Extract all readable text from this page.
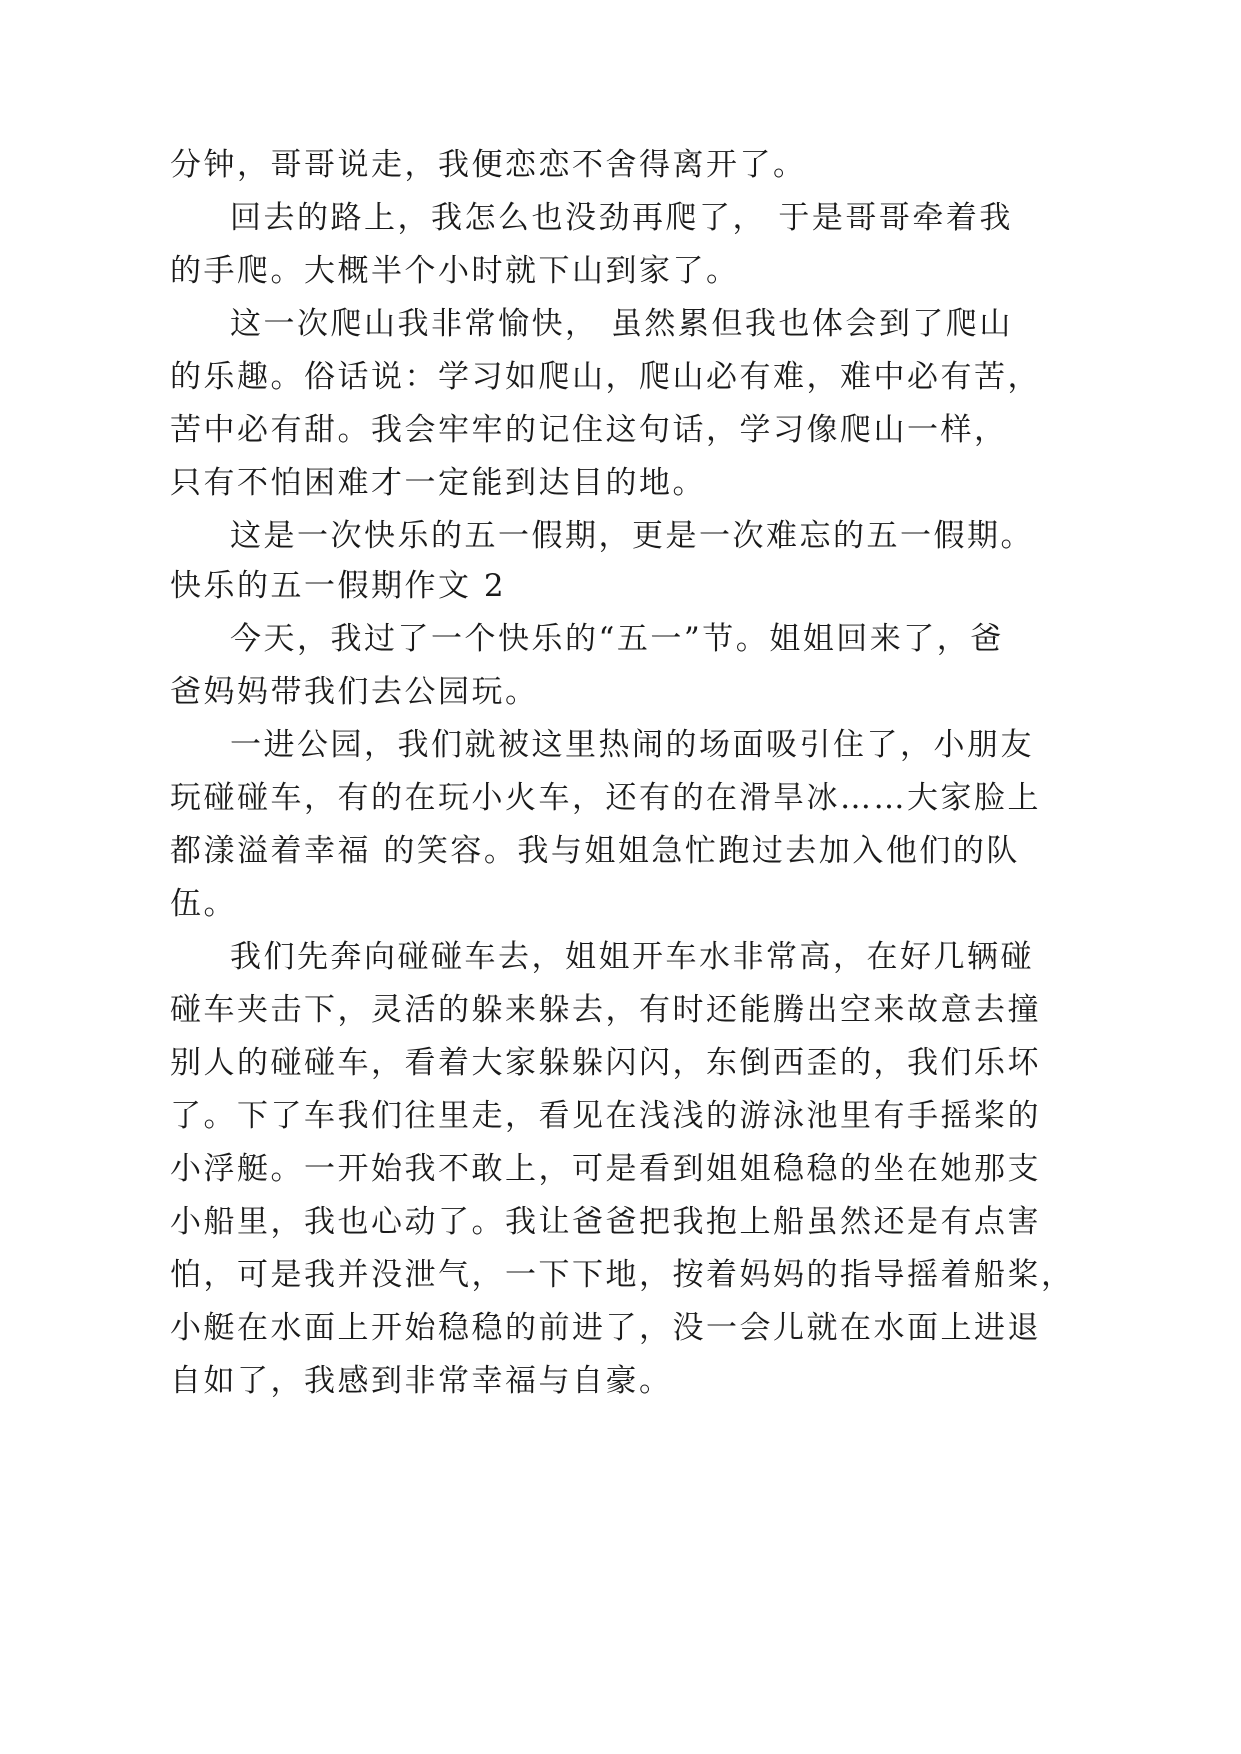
分钟，哥哥说走，我便恋恋不舍得离开了。

回去的路上，我怎么也没劲再爬了， 于是哥哥牵着我

的手爬。大概半个小时就下山到家了。

这一次爬山我非常愉快， 虽然累但我也体会到了爬山

的乐趣。俗话说：学习如爬山，爬山必有难，难中必有苦，

苦中必有甜。我会牢牢的记住这句话，学习像爬山一样，

只有不怕困难才一定能到达目的地。

这是一次快乐的五一假期，更是一次难忘的五一假期。

快乐的五一假期作文 2

今天，我过了一个快乐的“五一”节。姐姐回来了，爸

爸妈妈带我们去公园玩。

一进公园，我们就被这里热闹的场面吸引住了，小朋友

玩碰碰车，有的在玩小火车，还有的在滑旱冰……大家脸上

都漾溢着幸福 的笑容。我与姐姐急忙跑过去加入他们的队

伍。

我们先奔向碰碰车去，姐姐开车水非常高，在好几辆碰

碰车夹击下，灵活的躲来躲去，有时还能腾出空来故意去撞

别人的碰碰车，看着大家躲躲闪闪，东倒西歪的，我们乐坏

了。下了车我们往里走，看见在浅浅的游泳池里有手摇桨的

小浮艇。一开始我不敢上，可是看到姐姐稳稳的坐在她那支

小船里，我也心动了。我让爸爸把我抱上船虽然还是有点害

怕，可是我并没泄气，一下下地，按着妈妈的指导摇着船桨，

小艇在水面上开始稳稳的前进了，没一会儿就在水面上进退

自如了，我感到非常幸福与自豪。
